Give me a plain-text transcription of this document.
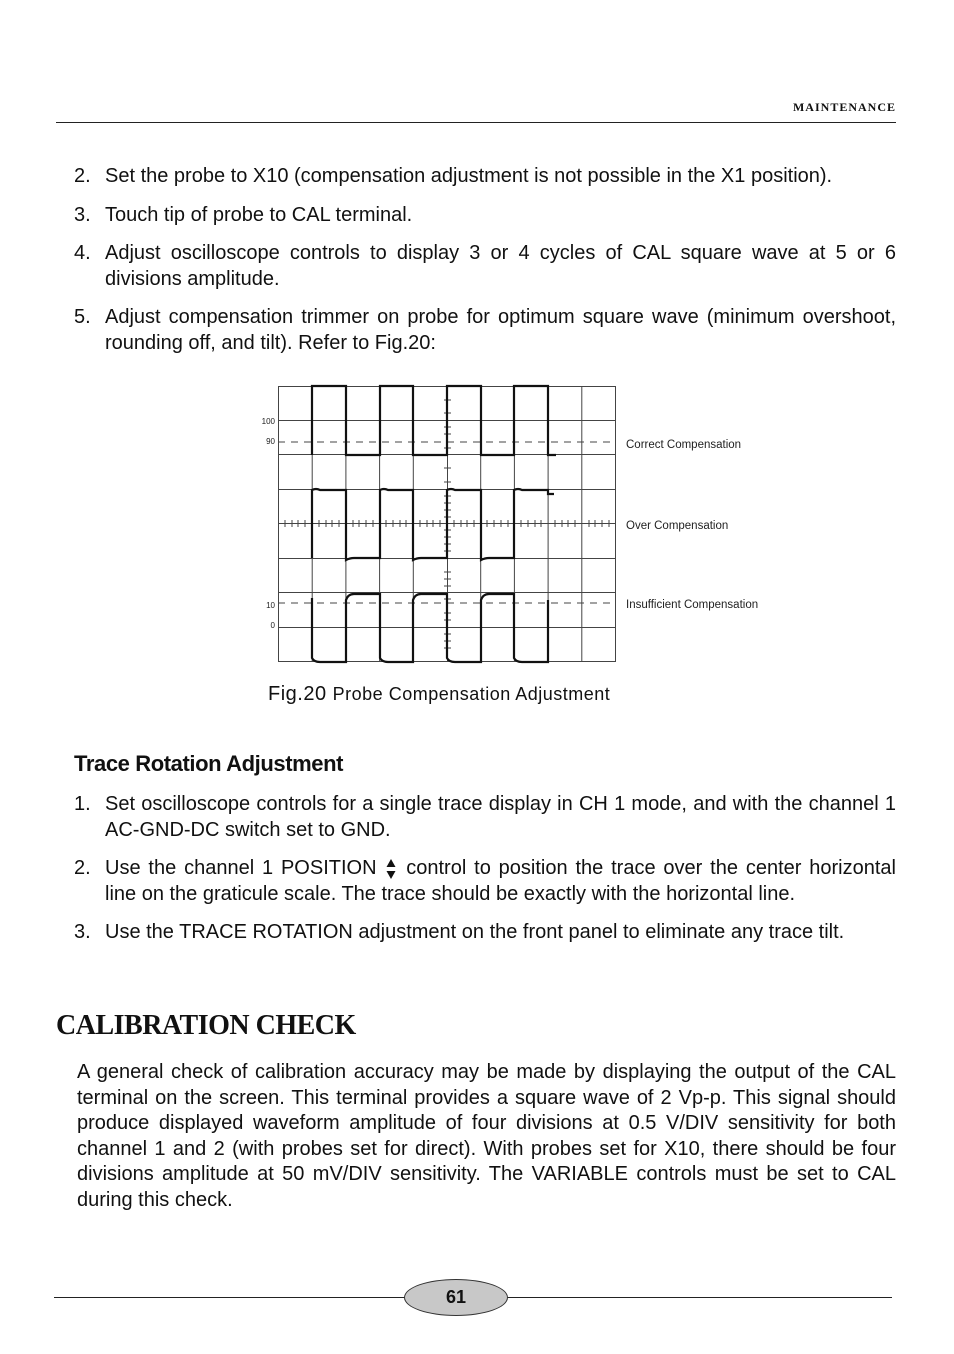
MAINTENANCE
2. Set the probe to X10 (compensation adjustment is not possible in the X1 position).
3. Touch tip of probe to CAL terminal.
4. Adjust oscilloscope controls to display 3 or 4 cycles of CAL square wave at 5 or 6 divisions amplitude.
5. Adjust compensation trimmer on probe for optimum square wave (minimum overshoot, rounding off, and tilt). Refer to Fig.20:
100
90
10
0
Correct Compensation
Over Compensation
Insufficient Compensation
Fig.20 Probe Compensation Adjustment
Trace Rotation Adjustment
1. Set oscilloscope controls for a single trace display in CH 1 mode, and with the channel 1 AC-GND-DC switch set to GND.
2. Use the channel 1 POSITION control to position the trace over the center horizontal line on the graticule scale. The trace should be exactly with the horizontal line.
3. Use the TRACE ROTATION adjustment on the front panel to eliminate any trace tilt.
CALIBRATION CHECK
A general check of calibration accuracy may be made by displaying the output of the CAL terminal on the screen. This terminal provides a square wave of 2 Vp-p. This signal should produce displayed waveform amplitude of four divisions at 0.5 V/DIV sensitivity for both channel 1 and 2 (with probes set for direct). With probes set for X10, there should be four divisions amplitude at 50 mV/DIV sensitivity. The VARIABLE controls must be set to CAL during this check.
61
